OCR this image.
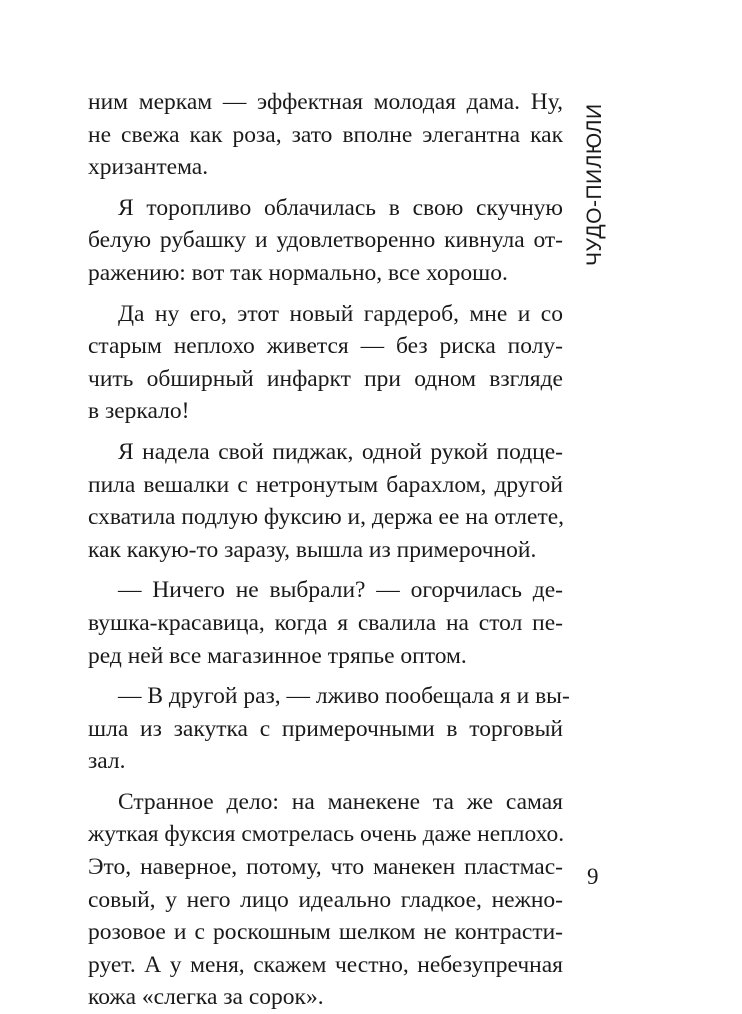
ним меркам — эффектная молодая дама. Ну,
не свежа как роза, зато вполне элегантна как
хризантема.
Я торопливо облачилась в свою скучную
белую рубашку и удовлетворенно кивнула от-
ражению: вот так нормально, все хорошо.
Да ну его, этот новый гардероб, мне и со
старым неплохо живется — без риска полу-
чить обширный инфаркт при одном взгляде
в зеркало!
Я надела свой пиджак, одной рукой подце-
пила вешалки с нетронутым барахлом, другой
схватила подлую фуксию и, держа ее на отлете,
как какую-то заразу, вышла из примерочной.
— Ничего не выбрали? — огорчилась де-
вушка-красавица, когда я свалила на стол пе-
ред ней все магазинное тряпье оптом.
— В другой раз, — лживо пообещала я и вы-
шла из закутка с примерочными в торговый
зал.
Странное дело: на манекене та же самая
жуткая фуксия смотрелась очень даже неплохо.
Это, наверное, потому, что манекен пластмас-
совый, у него лицо идеально гладкое, нежно-
розовое и с роскошным шелком не контрасти-
рует. А у меня, скажем честно, небезупречная
кожа «слегка за сорок».
ЧУДО-ПИЛЮЛИ
9
